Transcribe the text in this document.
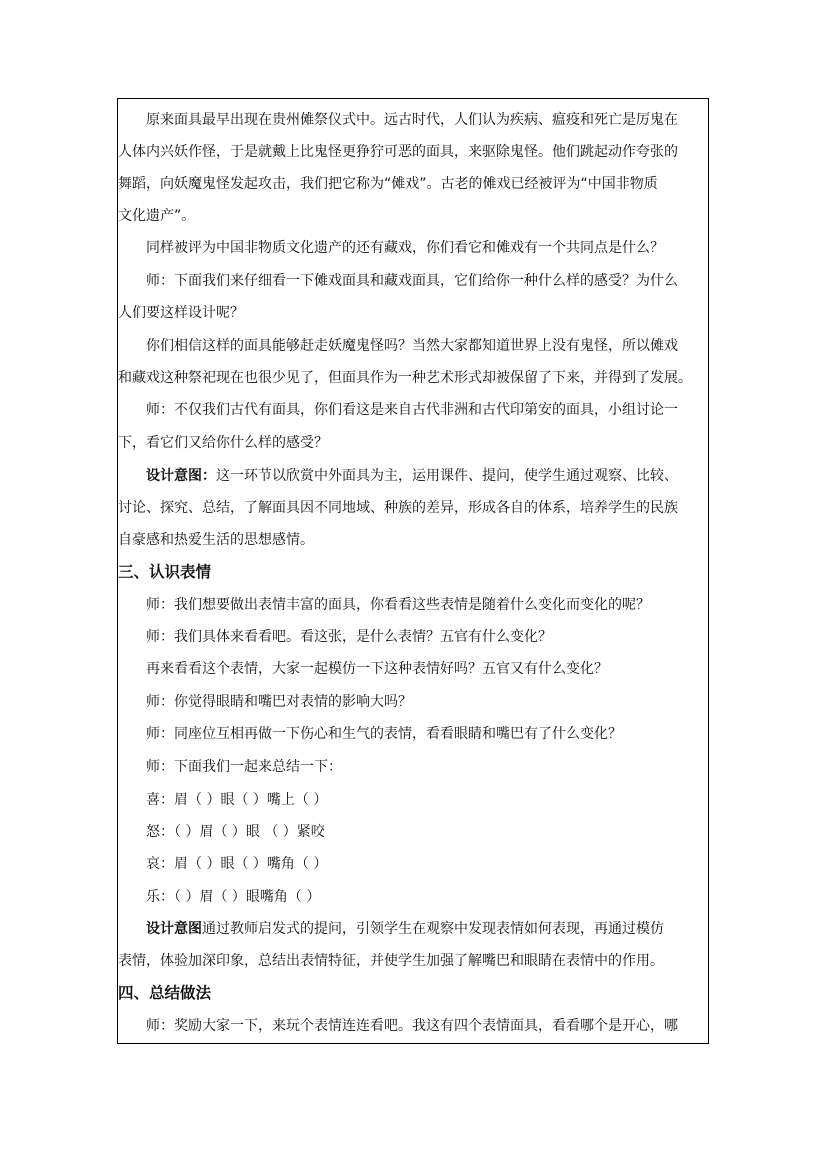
原来面具最早出现在贵州傩祭仪式中。远古时代，人们认为疾病、瘟疫和死亡是厉鬼在
人体内兴妖作怪，于是就戴上比鬼怪更狰狞可恶的面具，来驱除鬼怪。他们跳起动作夸张的
舞蹈，向妖魔鬼怪发起攻击，我们把它称为“傩戏”。古老的傩戏已经被评为“中国非物质
文化遗产”。
同样被评为中国非物质文化遗产的还有藏戏，你们看它和傩戏有一个共同点是什么？
师：下面我们来仔细看一下傩戏面具和藏戏面具，它们给你一种什么样的感受？为什么
人们要这样设计呢？
你们相信这样的面具能够赶走妖魔鬼怪吗？当然大家都知道世界上没有鬼怪，所以傩戏
和藏戏这种祭祀现在也很少见了，但面具作为一种艺术形式却被保留了下来，并得到了发展。
师：不仅我们古代有面具，你们看这是来自古代非洲和古代印第安的面具，小组讨论一
下，看它们又给你什么样的感受？
设计意图：这一环节以欣赏中外面具为主，运用课件、提问，使学生通过观察、比较、
讨论、探究、总结，了解面具因不同地域、种族的差异，形成各自的体系，培养学生的民族
自豪感和热爱生活的思想感情。
三、认识表情
师：我们想要做出表情丰富的面具，你看看这些表情是随着什么变化而变化的呢？
师：我们具体来看看吧。看这张，是什么表情？五官有什么变化？
再来看看这个表情，大家一起模仿一下这种表情好吗？五官又有什么变化？
师：你觉得眼睛和嘴巴对表情的影响大吗？
师：同座位互相再做一下伤心和生气的表情，看看眼睛和嘴巴有了什么变化？
师：下面我们一起来总结一下：
喜：眉（ ）眼（ ）嘴上（ ）
怒：（ ）眉（ ）眼 （ ）紧咬
哀：眉（ ）眼（ ）嘴角（ ）
乐：（ ）眉（ ）眼嘴角（ ）
设计意图通过教师启发式的提问，引领学生在观察中发现表情如何表现，再通过模仿
表情，体验加深印象，总结出表情特征，并使学生加强了解嘴巴和眼睛在表情中的作用。
四、总结做法
师：奖励大家一下，来玩个表情连连看吧。我这有四个表情面具，看看哪个是开心，哪
